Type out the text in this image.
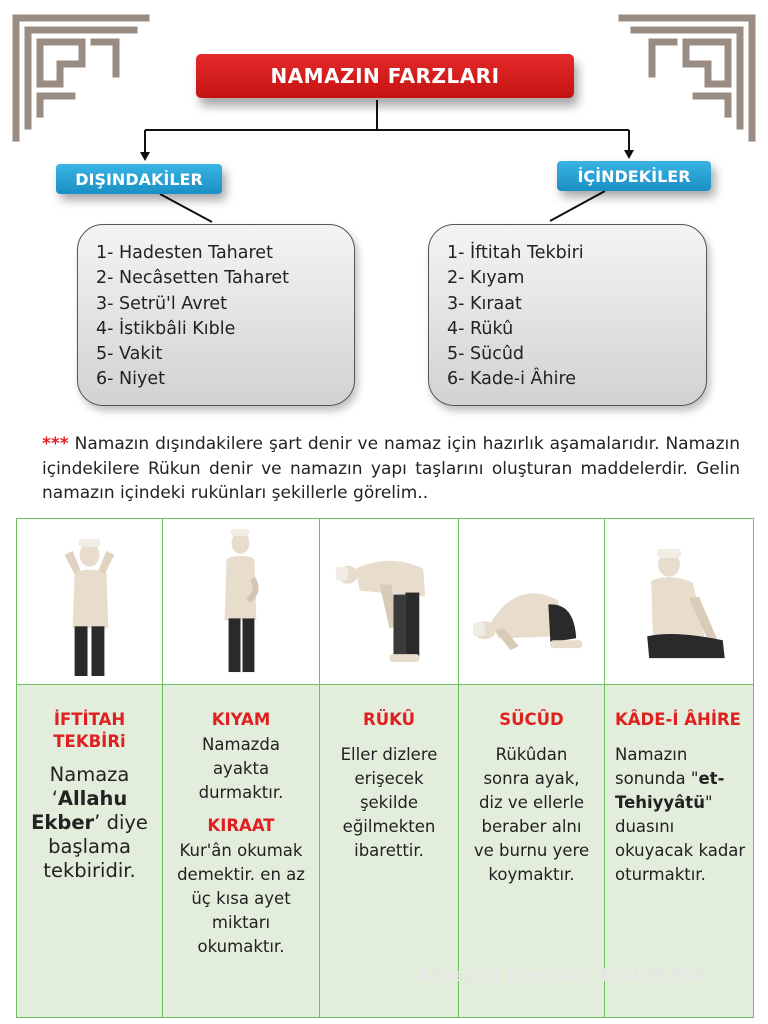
NAMAZIN FARZLARI
DIŞINDAKİLER	İÇİNDEKİLER
1- Hadesten Taharet
2- Necâsetten Taharet
3- Setrü'l Avret
4- İstikbâli Kıble
5- Vakit
6- Niyet
1- İftitah Tekbiri
2- Kıyam
3- Kıraat
4- Rükû
5- Sücûd
6- Kade-i Âhire

*** Namazın dışındakilere şart denir ve namaz için hazırlık aşamalarıdır. Namazın içindekilere Rükun denir ve namazın yapı taşlarını oluşturan maddelerdir. Gelin namazın içindeki rukünları şekillerle görelim..

İFTİTAH TEKBİRi
Namaza ‘Allahu Ekber’ diye başlama tekbiridir.
KIYAM
Namazda ayakta durmaktır.
KIRAAT
Kur'ân okumak demektir. en az üç kısa ayet miktarı okumaktır.
RÜKÛ
Eller dizlere erişecek şekilde eğilmekten ibarettir.
SÜCÛD
Rükûdan sonra ayak, diz ve ellerle beraber alnı ve burnu yere koymaktır.
KÂDE-İ ÂHİRE
Namazın sonunda "et-Tehiyyâtü" duasını okuyacak kadar oturmaktır.
Altıeylül İlçe Vaizi Erol OLFAZ
